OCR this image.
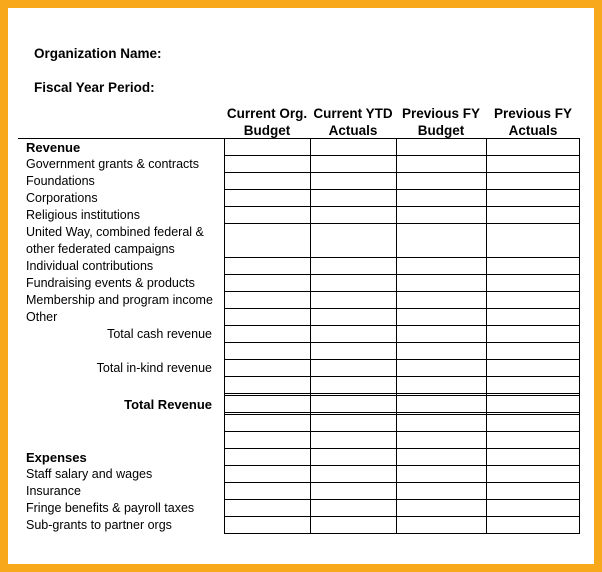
Organization Name:
Fiscal Year Period:
Current Org.
Budget
Current YTD
Actuals
Previous FY
Budget
Previous FY
Actuals
Revenue
Government grants & contracts
Foundations
Corporations
Religious institutions
United Way, combined federal &
other federated campaigns
Individual contributions
Fundraising events & products
Membership and program income
Other
Total cash revenue
Total in-kind revenue
Total Revenue
Expenses
Staff salary and wages
Insurance
Fringe benefits & payroll taxes
Sub-grants to partner orgs
